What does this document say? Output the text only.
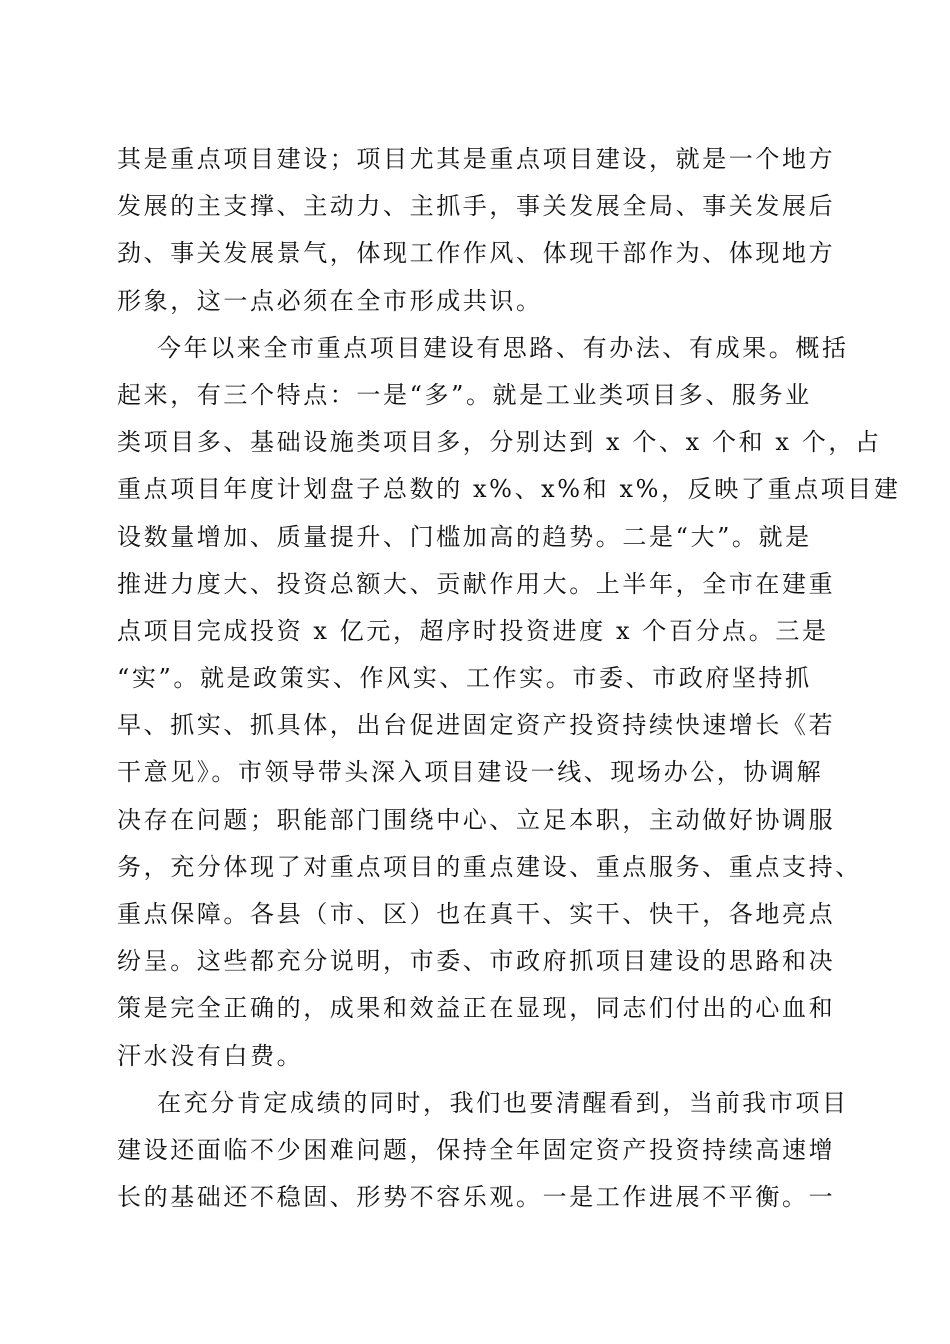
其是重点项目建设；项目尤其是重点项目建设，就是一个地方

发展的主支撑、主动力、主抓手，事关发展全局、事关发展后

劲、事关发展景气，体现工作作风、体现干部作为、体现地方

形象，这一点必须在全市形成共识。

今年以来全市重点项目建设有思路、有办法、有成果。概括

起来，有三个特点：一是“多”。就是工业类项目多、服务业

类项目多、基础设施类项目多，分别达到 x 个、x 个和 x 个，占

重点项目年度计划盘子总数的 x%、x%和 x%，反映了重点项目建

设数量增加、质量提升、门槛加高的趋势。二是“大”。就是

推进力度大、投资总额大、贡献作用大。上半年，全市在建重

点项目完成投资 x 亿元，超序时投资进度 x 个百分点。三是

“实”。就是政策实、作风实、工作实。市委、市政府坚持抓

早、抓实、抓具体，出台促进固定资产投资持续快速增长《若

干意见》。市领导带头深入项目建设一线、现场办公，协调解

决存在问题；职能部门围绕中心、立足本职，主动做好协调服

务，充分体现了对重点项目的重点建设、重点服务、重点支持、

重点保障。各县（市、区）也在真干、实干、快干，各地亮点

纷呈。这些都充分说明，市委、市政府抓项目建设的思路和决

策是完全正确的，成果和效益正在显现，同志们付出的心血和

汗水没有白费。

在充分肯定成绩的同时，我们也要清醒看到，当前我市项目

建设还面临不少困难问题，保持全年固定资产投资持续高速增

长的基础还不稳固、形势不容乐观。一是工作进展不平衡。一
